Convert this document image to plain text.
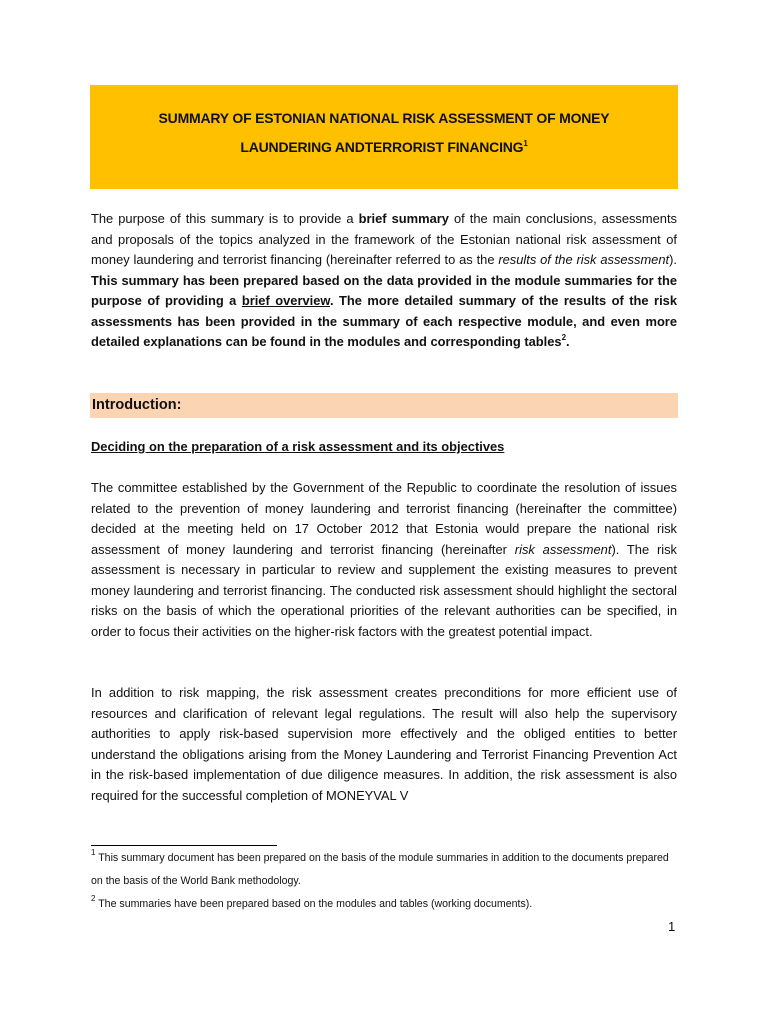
SUMMARY OF ESTONIAN NATIONAL RISK ASSESSMENT OF MONEY
LAUNDERING ANDTERRORIST FINANCING$^1$
The purpose of this summary is to provide a brief summary of the main conclusions, assessments and proposals of the topics analyzed in the framework of the Estonian national risk assessment of money laundering and terrorist financing (hereinafter referred to as the results of the risk assessment). This summary has been prepared based on the data provided in the module summaries for the purpose of providing a brief overview. The more detailed summary of the results of the risk assessments has been provided in the summary of each respective module, and even more detailed explanations can be found in the modules and corresponding tables$^2$.
Introduction:
Deciding on the preparation of a risk assessment and its objectives
The committee established by the Government of the Republic to coordinate the resolution of issues related to the prevention of money laundering and terrorist financing (hereinafter the committee) decided at the meeting held on 17 October 2012 that Estonia would prepare the national risk assessment of money laundering and terrorist financing (hereinafter risk assessment). The risk assessment is necessary in particular to review and supplement the existing measures to prevent money laundering and terrorist financing. The conducted risk assessment should highlight the sectoral risks on the basis of which the operational priorities of the relevant authorities can be specified, in order to focus their activities on the higher-risk factors with the greatest potential impact.
In addition to risk mapping, the risk assessment creates preconditions for more efficient use of resources and clarification of relevant legal regulations. The result will also help the supervisory authorities to apply risk-based supervision more effectively and the obliged entities to better understand the obligations arising from the Money Laundering and Terrorist Financing Prevention Act in the risk-based implementation of due diligence measures. In addition, the risk assessment is also required for the successful completion of MONEYVAL V
$^1$ This summary document has been prepared on the basis of the module summaries in addition to the documents prepared on the basis of the World Bank methodology.
$^2$ The summaries have been prepared based on the modules and tables (working documents).
1
